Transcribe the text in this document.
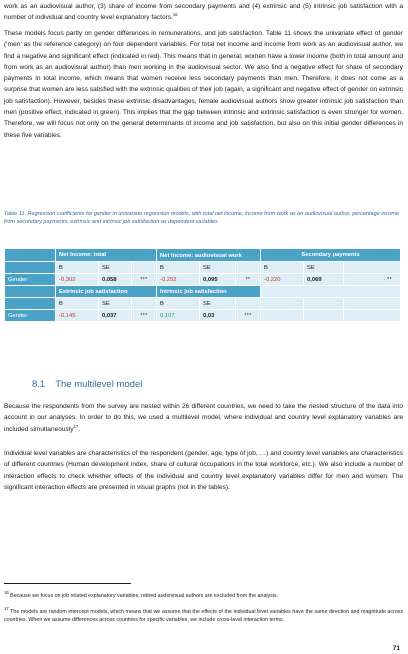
work as an audiovisual author, (3) share of income from secondary payments and (4) extrinsic and (5) intrinsic job satisfaction with a number of individual and country level explanatory factors.$^{16}$

These models focus partly on gender differences in remunerations, and job satisfaction. Table 11 shows the univariate effect of gender (‘men’ as the reference category) on four dependent variables. For total net income and income from work as an audiovisual author, we find a negative and significant effect (indicated in red). This means that in general, women have a lower income (both in total amount and from work as an audiovisual author) than men working in the audiovisual sector. We also find a negative effect for share of secondary payments in total income, which means that women receive less secondary payments than men. Therefore, it does not come as a surprise that women are less satisfied with the extrinsic qualities of their job (again, a significant and negative effect of gender on extrinsic job satisfaction). However, besides these extrinsic disadvantages, female audiovisual authors show greater intrinsic job satisfaction than men (positive effect, indicated in green). This implies that the gap between intrinsic and extrinsic satisfaction is even stronger for women. Therefore, we will focus not only on the general determinants of income and job satisfaction, but also on this initial gender differences in these five variables.

Table 11. Regression coefficients for gender in univariate regression models, with total net income, income from work as an audiovisual author, percentage income from secondary payments, extrinsic and intrinsic job satisfaction as dependent variables

	Net Income: total			Net Income: audiovisual work			Secondary payments		
	B	SE		B	SE		B	SE	
Gender	-0,302	0,058	***	-0,252	0,095	**	-0,220	0,069	**
	Extrinsic job satisfaction			Intrinsic job satisfaction					
	B	SE		B	SE				
Gender	-0,145	0,037	***	0,107	0,03	***			
8.1 The multilevel model

Because the respondents from the survey are nested within 26 different countries, we need to take the nested structure of the data into account in our analyses. In order to do this, we used a multilevel model, where individual and country level explanatory variables are included simultaneously$^{17}$.

Individual level variables are characteristics of the respondent (gender, age, type of job, …) and country level variables are characteristics of different countries (Human development index, share of cultural occupations in the total workforce, etc.). We also include a number of interaction effects to check whether effects of the individual and country level explanatory variables differ for men and women. The significant interaction effects are presented in visual graphs (not in the tables).

$^{16}$ Because we focus on job related explanatory variables, retired audiovisual authors are excluded from the analysis.

$^{17}$ The models are random intercept models, which means that we assume that the effects of the individual level variables have the same direction and magnitude across countries. When we assume differences across countries for specific variables, we include cross-level interaction terms.

71
